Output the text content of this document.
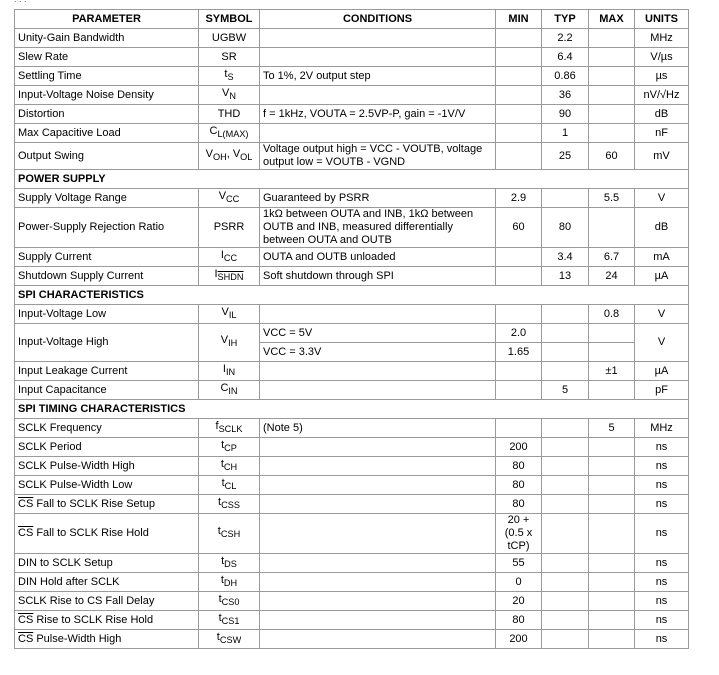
PARAMETER	SYMBOL	CONDITIONS	MIN	TYP	MAX	UNITS
Unity-Gain Bandwidth	UGBW			2.2		MHz
Slew Rate	SR			6.4		V/µs
Settling Time	$t_S$	To 1%, 2V output step		0.86		µs
Input-Voltage Noise Density	$V_N$			36		nV/√Hz
Distortion	THD	f = 1kHz, VOUTA = 2.5VP-P, gain = -1V/V		90		dB
Max Capacitive Load	$C_{L(MAX)}$			1		nF
Output Swing	$V_{OH}$, $V_{OL}$	Voltage output high = VCC - VOUTB, voltage output low = VOUTB - VGND		25	60	mV
POWER SUPPLY						
Supply Voltage Range	$V_{CC}$	Guaranteed by PSRR	2.9		5.5	V
Power-Supply Rejection Ratio	PSRR	1kΩ between OUTA and INB, 1kΩ between OUTB and INB, measured differentially between OUTA and OUTB	60	80		dB
Supply Current	$I_{CC}$	OUTA and OUTB unloaded		3.4	6.7	mA
Shutdown Supply Current	$I_{SHDN}$	Soft shutdown through SPI		13	24	µA
SPI CHARACTERISTICS						
Input-Voltage Low	$V_{IL}$				0.8	V
Input-Voltage High	$V_{IH}$	VCC = 5V	2.0			V
		VCC = 3.3V	1.65			
Input Leakage Current	$I_{IN}$				±1	µA
Input Capacitance	$C_{IN}$			5		pF
SPI TIMING CHARACTERISTICS						
SCLK Frequency	$f_{SCLK}$	(Note 5)			5	MHz
SCLK Period	$t_{CP}$		200			ns
SCLK Pulse-Width High	$t_{CH}$		80			ns
SCLK Pulse-Width Low	$t_{CL}$		80			ns
$\overline{CS}$ Fall to SCLK Rise Setup	$t_{CSS}$		80			ns
$\overline{CS}$ Fall to SCLK Rise Hold	$t_{CSH}$		20 + (0.5 x tCP)			ns
DIN to SCLK Setup	$t_{DS}$		55			ns
DIN Hold after SCLK	$t_{DH}$		0			ns
SCLK Rise to CS Fall Delay	$t_{CS0}$		20			ns
$\overline{CS}$ Rise to SCLK Rise Hold	$t_{CS1}$		80			ns
$\overline{CS}$ Pulse-Width High	$t_{CSW}$		200			ns
